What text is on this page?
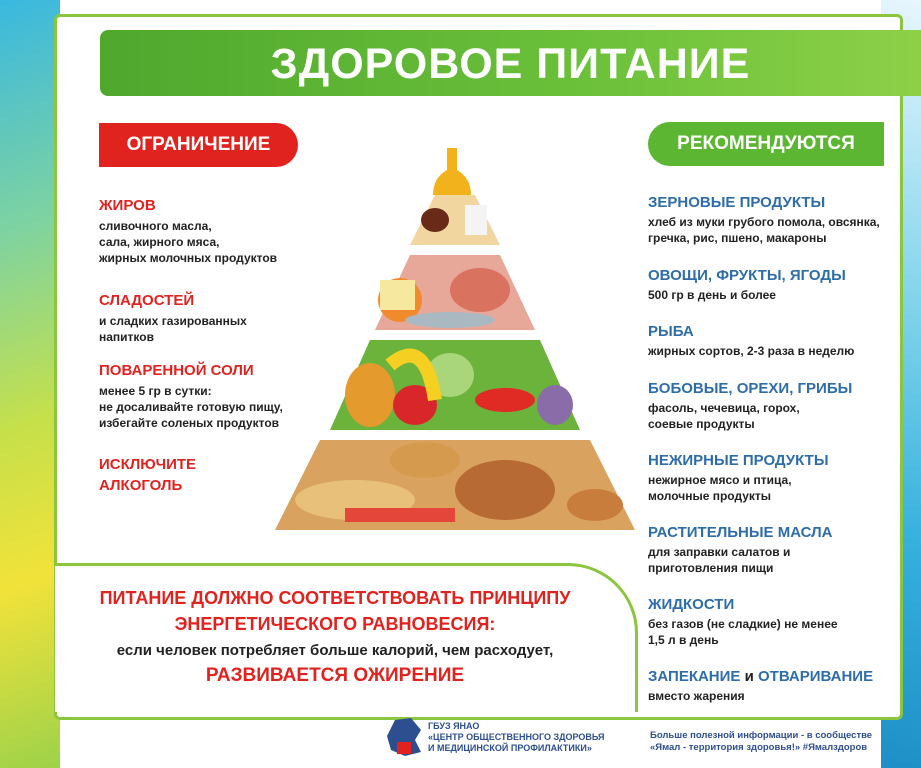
ЗДОРОВОЕ ПИТАНИЕ
ОГРАНИЧЕНИЕ	РЕКОМЕНДУЮТСЯ
ЖИРОВ
сливочного масла,
сала, жирного мяса,
жирных молочных продуктов
СЛАДОСТЕЙ
и сладких газированных
напитков
ПОВАРЕННОЙ СОЛИ
менее 5 гр в сутки:
не досаливайте готовую пищу,
избегайте соленых продуктов
ИСКЛЮЧИТЕ
АЛКОГОЛЬ
ЗЕРНОВЫЕ ПРОДУКТЫ
хлеб из муки грубого помола, овсянка,
гречка, рис, пшено, макароны
ОВОЩИ, ФРУКТЫ, ЯГОДЫ
500 гр в день и более
РЫБА
жирных сортов, 2-3 раза в неделю
БОБОВЫЕ, ОРЕХИ, ГРИБЫ
фасоль, чечевица, горох,
соевые продукты
НЕЖИРНЫЕ ПРОДУКТЫ
нежирное мясо и птица,
молочные продукты
РАСТИТЕЛЬНЫЕ МАСЛА
для заправки салатов и
приготовления пищи
ЖИДКОСТИ
без газов (не сладкие) не менее
1,5 л в день
ЗАПЕКАНИЕ и ОТВАРИВАНИЕ
вместо жарения
ПИТАНИЕ ДОЛЖНО СООТВЕТСТВОВАТЬ ПРИНЦИПУ
ЭНЕРГЕТИЧЕСКОГО РАВНОВЕСИЯ:
если человек потребляет больше калорий, чем расходует,
РАЗВИВАЕТСЯ ОЖИРЕНИЕ
ГБУЗ ЯНАО
«ЦЕНТР ОБЩЕСТВЕННОГО ЗДОРОВЬЯ
И МЕДИЦИНСКОЙ ПРОФИЛАКТИКИ»
Больше полезной информации - в сообществе
«Ямал - территория здоровья!» #Ямалздоров
